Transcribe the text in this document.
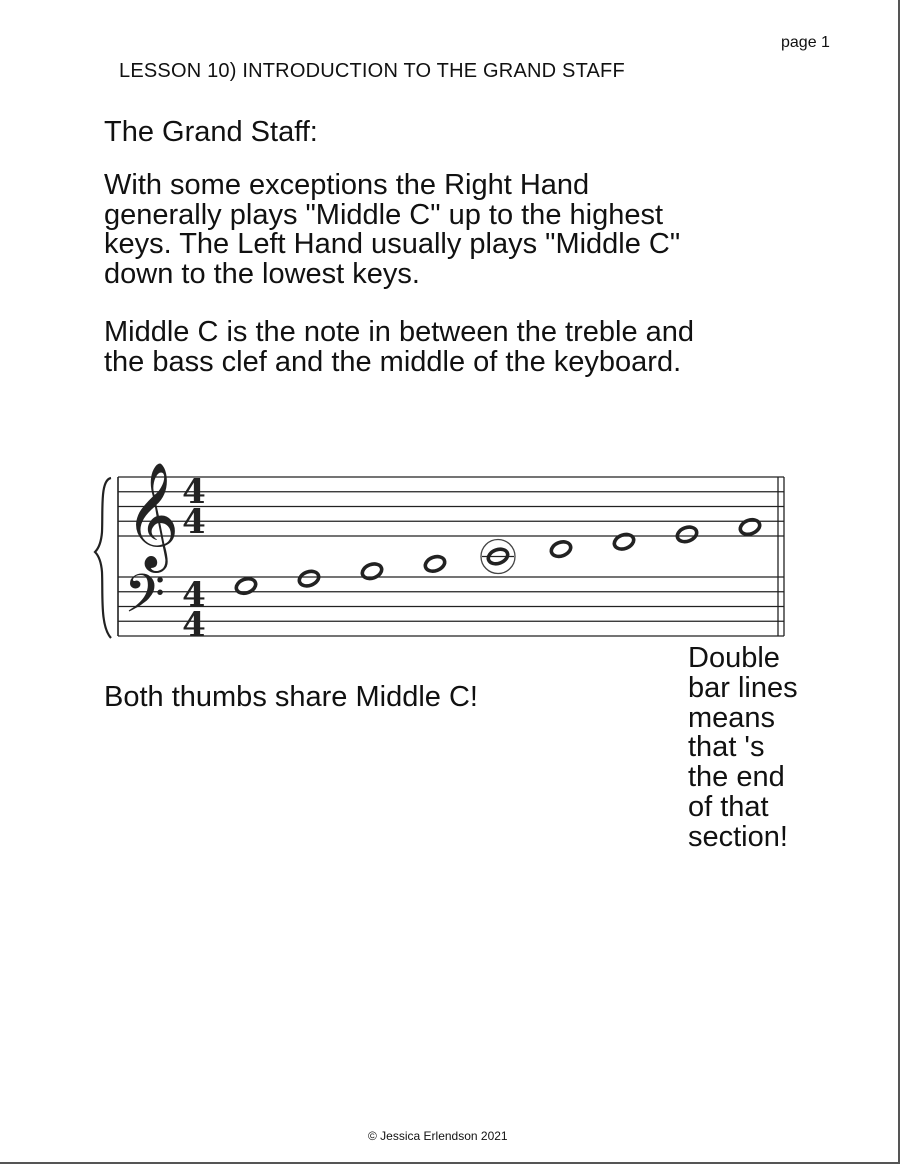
page 1
LESSON 10) INTRODUCTION TO THE GRAND STAFF
The Grand Staff:
With some exceptions the Right Hand
generally plays "Middle C" up to the highest
keys. The Left Hand usually plays "Middle C"
down to the lowest keys.
Middle C is the note in between the treble and
the bass clef and the middle of the keyboard.
𝄞
𝄢
4
4
4
4
Both thumbs share Middle C!
Double
bar lines
means
that 's
the end
of that
section!
© Jessica Erlendson 2021
